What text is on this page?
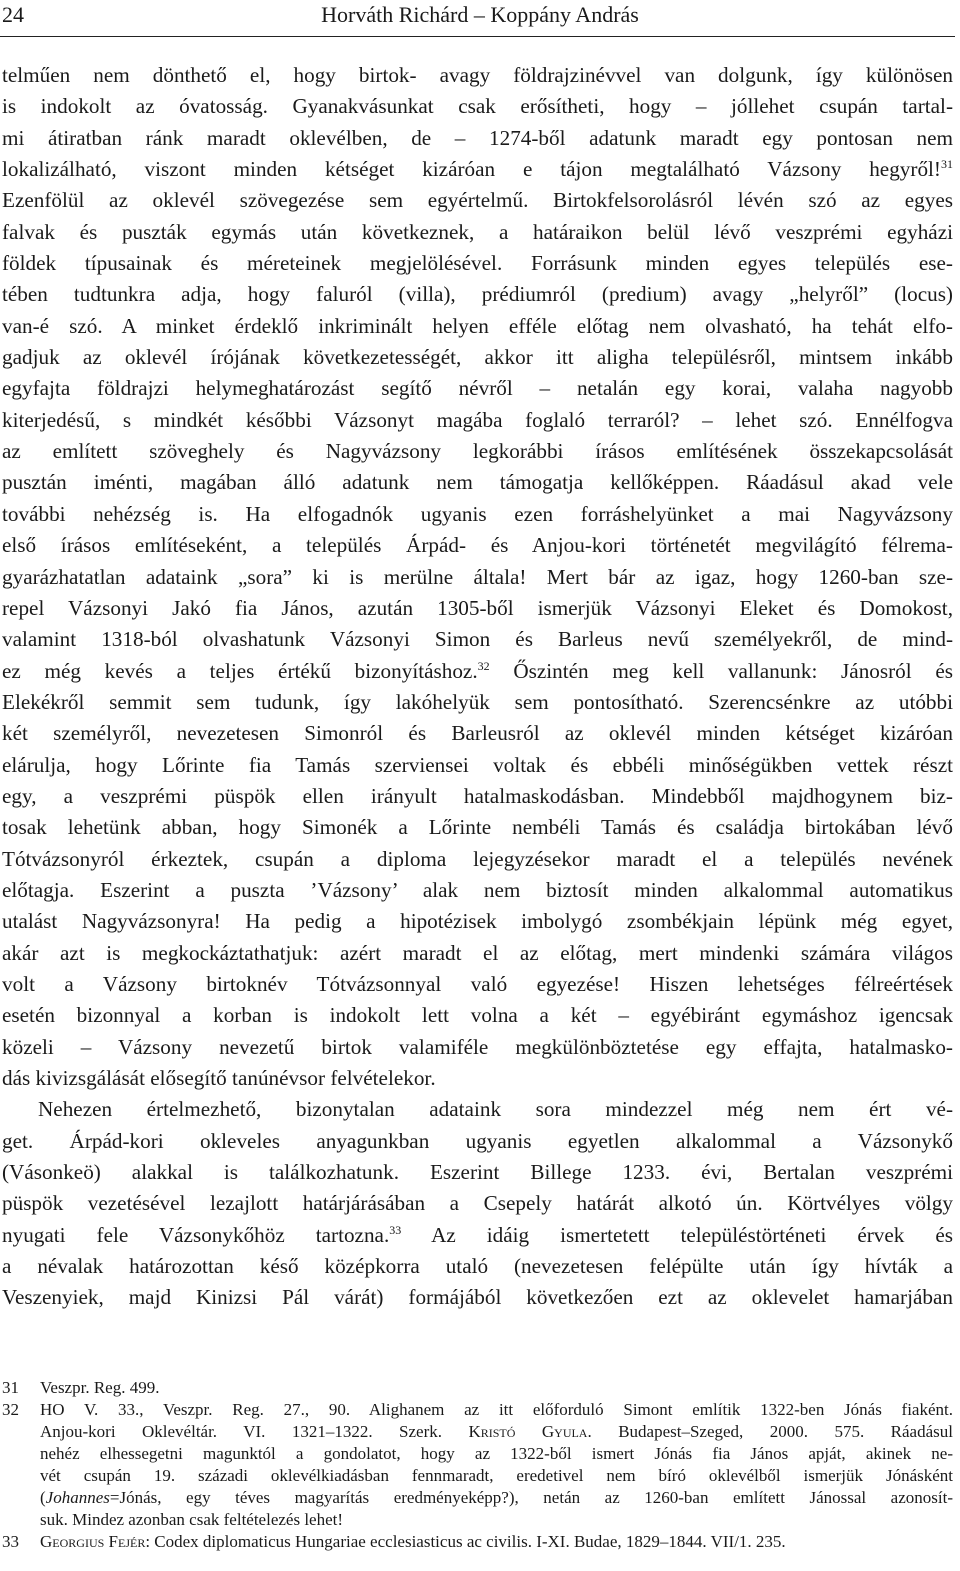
24	Horváth Richárd – Koppány András
telműen nem dönthető el, hogy birtok- avagy földrajzinévvel van dolgunk, így különösen
is indokolt az óvatosság. Gyanakvásunkat csak erősítheti, hogy – jóllehet csupán tartal-
mi átiratban ránk maradt oklevélben, de – 1274-ből adatunk maradt egy pontosan nem
lokalizálható, viszont minden kétséget kizáróan e tájon megtalálható Vázsony hegyről!$^{31}$
Ezenfölül az oklevél szövegezése sem egyértelmű. Birtokfelsorolásról lévén szó az egyes
falvak és puszták egymás után következnek, a határaikon belül lévő veszprémi egyházi
földek típusainak és méreteinek megjelölésével. Forrásunk minden egyes település ese-
tében tudtunkra adja, hogy faluról (villa), prédiumról (predium) avagy „helyről” (locus)
van-é szó. A minket érdeklő inkriminált helyen efféle előtag nem olvasható, ha tehát elfo-
gadjuk az oklevél írójának következetességét, akkor itt aligha településről, mintsem inkább
egyfajta földrajzi helymeghatározást segítő névről – netalán egy korai, valaha nagyobb
kiterjedésű, s mindkét későbbi Vázsonyt magába foglaló terraról? – lehet szó. Ennélfogva
az említett szöveghely és Nagyvázsony legkorábbi írásos említésének összekapcsolását
pusztán iménti, magában álló adatunk nem támogatja kellőképpen. Ráadásul akad vele
további nehézség is. Ha elfogadnók ugyanis ezen forráshelyünket a mai Nagyvázsony
első írásos említéseként, a település Árpád- és Anjou-kori történetét megvilágító félrema-
gyarázhatatlan adataink „sora” ki is merülne általa! Mert bár az igaz, hogy 1260-ban sze-
repel Vázsonyi Jakó fia János, azután 1305-ből ismerjük Vázsonyi Eleket és Domokost,
valamint 1318-ból olvashatunk Vázsonyi Simon és Barleus nevű személyekről, de mind-
ez még kevés a teljes értékű bizonyításhoz.$^{32}$ Őszintén meg kell vallanunk: Jánosról és
Elekékről semmit sem tudunk, így lakóhelyük sem pontosítható. Szerencsénkre az utóbbi
két személyről, nevezetesen Simonról és Barleusról az oklevél minden kétséget kizáróan
elárulja, hogy Lőrinte fia Tamás szerviensei voltak és ebbéli minőségükben vettek részt
egy, a veszprémi püspök ellen irányult hatalmaskodásban. Mindebből majdhogynem biz-
tosak lehetünk abban, hogy Simonék a Lőrinte nembéli Tamás és családja birtokában lévő
Tótvázsonyról érkeztek, csupán a diploma lejegyzésekor maradt el a település nevének
előtagja. Eszerint a puszta ’Vázsony’ alak nem biztosít minden alkalommal automatikus
utalást Nagyvázsonyra! Ha pedig a hipotézisek imbolygó zsombékjain lépünk még egyet,
akár azt is megkockáztathatjuk: azért maradt el az előtag, mert mindenki számára világos
volt a Vázsony birtoknév Tótvázsonnyal való egyezése! Hiszen lehetséges félreértések
esetén bizonnyal a korban is indokolt lett volna a két – egyébiránt egymáshoz igencsak
közeli – Vázsony nevezetű birtok valamiféle megkülönböztetése egy effajta, hatalmasko-
dás kivizsgálását elősegítő tanúnévsor felvételekor.
Nehezen értelmezhető, bizonytalan adataink sora mindezzel még nem ért vé-
get. Árpád-kori okleveles anyagunkban ugyanis egyetlen alkalommal a Vázsonykő
(Vásonkeö) alakkal is találkozhatunk. Eszerint Billege 1233. évi, Bertalan veszprémi
püspök vezetésével lezajlott határjárásában a Csepely határát alkotó ún. Körtvélyes völgy
nyugati fele Vázsonykőhöz tartozna.$^{33}$ Az idáig ismertetett településtörténeti érvek és
a névalak határozottan késő középkorra utaló (nevezetesen felépülte után így hívták a
Veszenyiek, majd Kinizsi Pál várát) formájából következően ezt az oklevelet hamarjában
31 Veszpr. Reg. 499.
32 HO V. 33., Veszpr. Reg. 27., 90. Alighanem az itt előforduló Simont említik 1322-ben Jónás fiaként.
Anjou-kori Oklevéltár. VI. 1321–1322. Szerk. Kristó Gyula. Budapest–Szeged, 2000. 575. Ráadásul
nehéz elhessegetni magunktól a gondolatot, hogy az 1322-ből ismert Jónás fia János apját, akinek ne-
vét csupán 19. századi oklevélkiadásban fennmaradt, eredetivel nem bíró oklevélből ismerjük Jónásként
(Johannes=Jónás, egy téves magyarítás eredményeképp?), netán az 1260-ban említett Jánossal azonosít-
suk. Mindez azonban csak feltételezés lehet!
33 Georgius Fejér: Codex diplomaticus Hungariae ecclesiasticus ac civilis. I-XI. Budae, 1829–1844. VII/1. 235.
